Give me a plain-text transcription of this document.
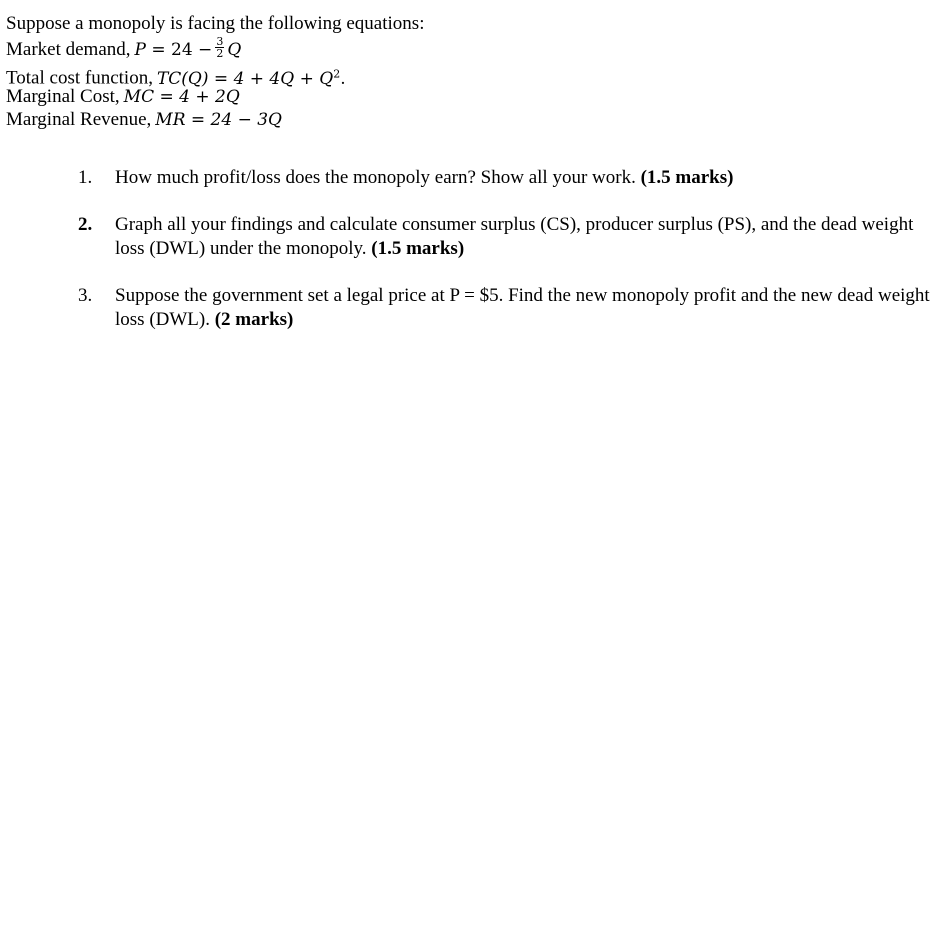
Suppose a monopoly is facing the following equations:
Market demand, $P = 24 - \frac{3}{2}$ Q
Total cost function, $TC(Q) = 4 + 4Q + Q^2$.
Marginal Cost, MC = 4 + 2Q
Marginal Revenue, MR = 24 − 3Q
1. How much profit/loss does the monopoly earn? Show all your work. (1.5 marks)
2. Graph all your findings and calculate consumer surplus (CS), producer surplus (PS), and the dead weight loss (DWL) under the monopoly. (1.5 marks)
3. Suppose the government set a legal price at P = $5. Find the new monopoly profit and the new dead weight loss (DWL). (2 marks)
